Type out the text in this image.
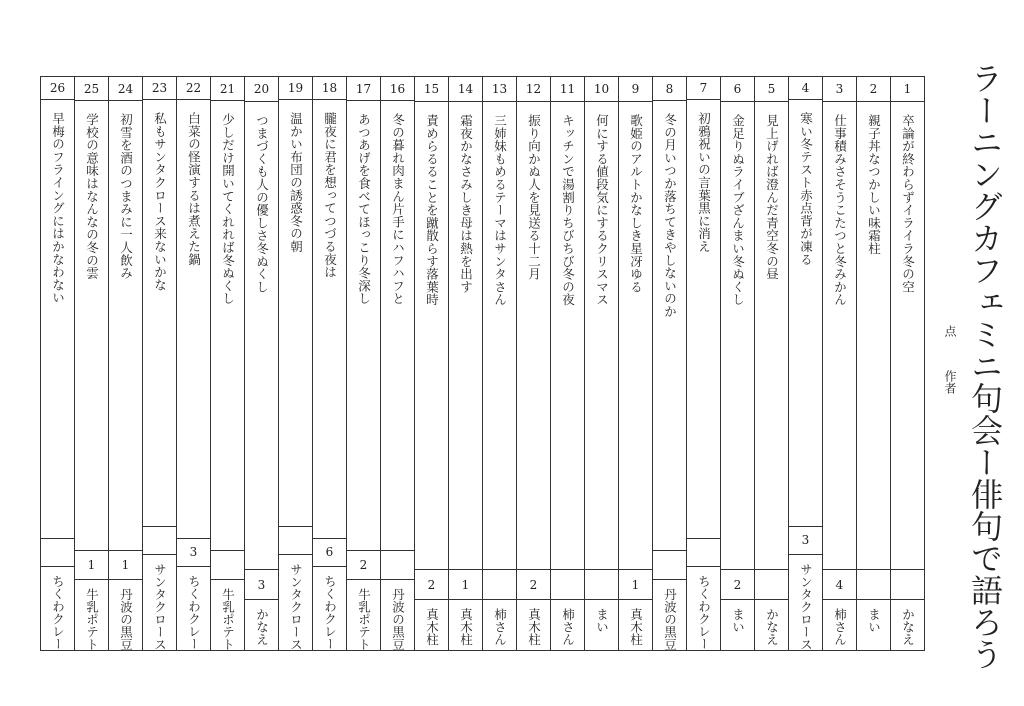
ラーニングカフェミニ句会ー俳句で語ろう
点
作者
1
卒論が終わらずイライラ冬の空
かなえ
2
親子丼なつかしい味霜柱
まい
3
仕事積みさそうこたつと冬みかん
4
柿さん
4
寒い冬テスト赤点背が凍る
3
サンタクロース
5
見上げれば澄んだ青空冬の昼
かなえ
6
金足りぬライブざんまい冬ぬくし
2
まい
7
初鴉祝いの言葉黒に消え
ちくわクレー
8
冬の月いつか落ちてきやしないのか
丹波の黒豆
9
歌姫のアルトかなしき星冴ゆる
1
真木柱
10
何にする値段気にするクリスマス
まい
11
キッチンで湯割りちびちび冬の夜
柿さん
12
振り向かぬ人を見送る十二月
2
真木柱
13
三姉妹もめるテーマはサンタさん
柿さん
14
霜夜かなさみしき母は熱を出す
1
真木柱
15
責めらるることを蹴散らす落葉時
2
真木柱
16
冬の暮れ肉まん片手にハフハフと
丹波の黒豆
17
あつあげを食べてほっこり冬深し
2
牛乳ポテト
18
朧夜に君を想ってつづる夜は
6
ちくわクレー
19
温かい布団の誘惑冬の朝
サンタクロース
20
つまづくも人の優しさ冬ぬくし
3
かなえ
21
少しだけ開いてくれれば冬ぬくし
牛乳ポテト
22
白菜の怪演するは煮えた鍋
3
ちくわクレー
23
私もサンタクロース来ないかな
サンタクロース
24
初雪を酒のつまみに一人飲み
1
丹波の黒豆
25
学校の意味はなんなの冬の雲
1
牛乳ポテト
26
早梅のフライングにはかなわない
ちくわクレー
